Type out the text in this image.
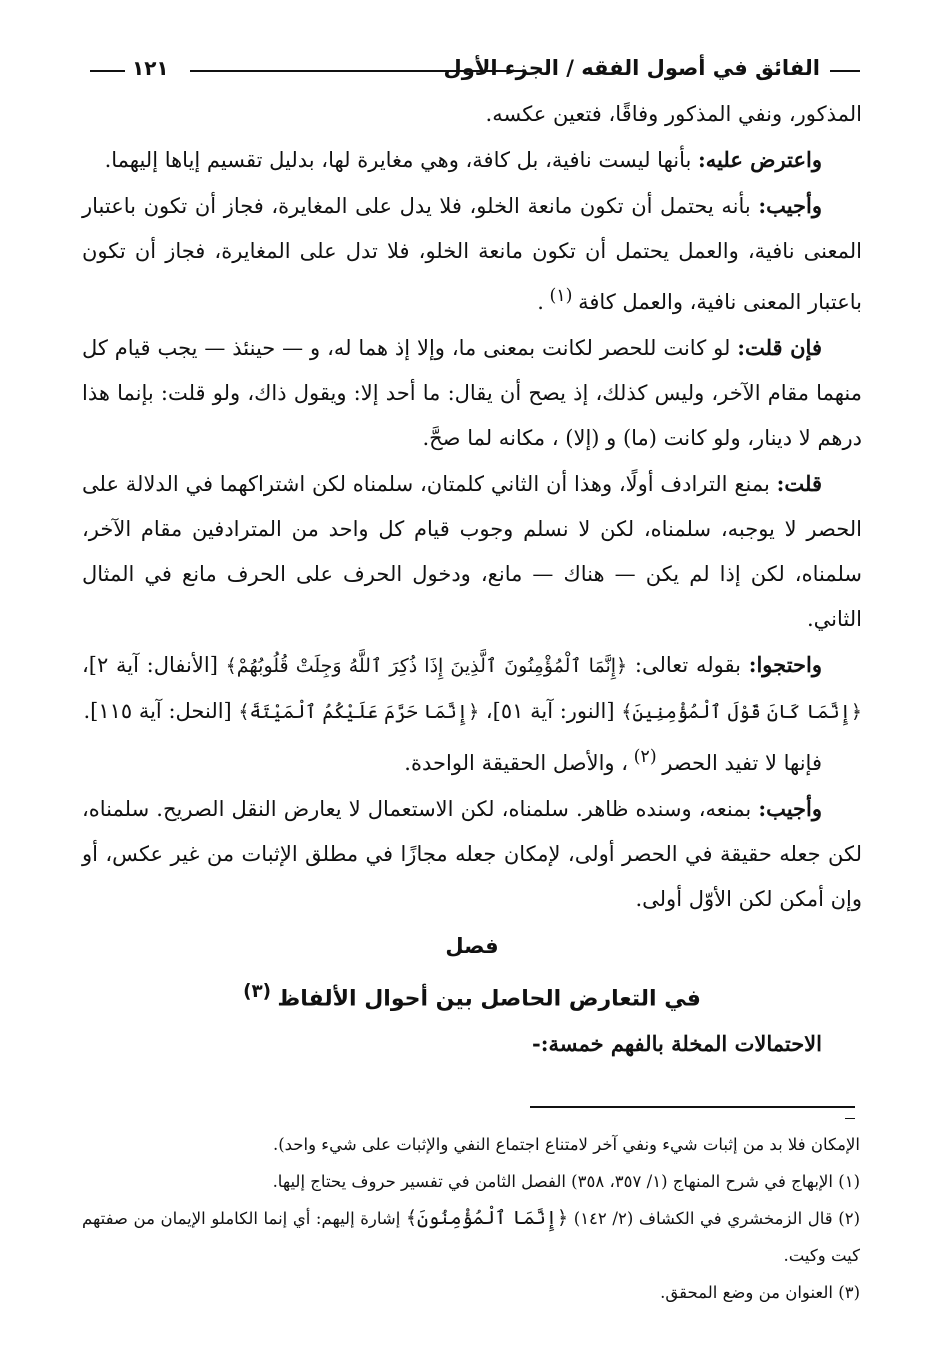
الفائق في أصول الفقه / الجزء الأول
١٢١

المذكور، ونفي المذكور وفاقًا، فتعين عكسه.

واعترض عليه: بأنها ليست نافية، بل كافة، وهي مغايرة لها، بدليل تقسيم إياها إليهما.

وأجيب: بأنه يحتمل أن تكون مانعة الخلو، فلا يدل على المغايرة، فجاز أن تكون باعتبار المعنى نافية، والعمل يحتمل أن تكون مانعة الخلو، فلا تدل على المغايرة، فجاز أن تكون باعتبار المعنى نافية، والعمل كافة $^{(١)}$ .

فإن قلت: لو كانت للحصر لكانت بمعنى ما، وإلا إذ هما له، و — حينئذ — يجب قيام كل منهما مقام الآخر، وليس كذلك، إذ يصح أن يقال: ما أحد إلا: ويقول ذاك، ولو قلت: بإنما هذا درهم لا دينار، ولو كانت (ما) و (إلا) ، مكانه لما صحَّ.

قلت: بمنع الترادف أولًا، وهذا أن الثاني كلمتان، سلمناه لكن اشتراكهما في الدلالة على الحصر لا يوجبه، سلمناه، لكن لا نسلم وجوب قيام كل واحد من المترادفين مقام الآخر، سلمناه، لكن إذا لم يكن — هناك — مانع، ودخول الحرف على الحرف مانع في المثال الثاني.

واحتجوا: بقوله تعالى: ﴿إِنَّمَا ٱلْمُؤْمِنُونَ ٱلَّذِينَ إِذَا ذُكِرَ ٱللَّهُ وَجِلَتْ قُلُوبُهُمْ﴾ [الأنفال: آية ٢]، ﴿إِنَّمَا كَانَ قَوْلَ ٱلْمُؤْمِنِينَ﴾ [النور: آية ٥١]، ﴿إِنَّمَا حَرَّمَ عَلَيْكُمُ ٱلْمَيْتَةَ﴾ [النحل: آية ١١٥].

فإنها لا تفيد الحصر $^{(٢)}$ ، والأصل الحقيقة الواحدة.

وأجيب: بمنعه، وسنده ظاهر. سلمناه، لكن الاستعمال لا يعارض النقل الصريح. سلمناه، لكن جعله حقيقة في الحصر أولى، لإمكان جعله مجازًا في مطلق الإثبات من غير عكس، أو وإن أمكن لكن الأوّل أولى.

فصل

في التعارض الحاصل بين أحوال الألفاظ $^{(٣)}$

الاحتمالات المخلة بالفهم خمسة:-

الإمكان فلا بد من إثبات شيء ونفي آخر لامتناع اجتماع النفي والإثبات على شيء واحد).

(١) الإبهاج في شرح المنهاج (١/ ٣٥٧، ٣٥٨) الفصل الثامن في تفسير حروف يحتاج إليها.

(٢) قال الزمخشري في الكشاف (٢/ ١٤٢) ﴿إِنَّمَا ٱلْمُؤْمِنُونَ﴾ إشارة إليهم: أي إنما الكاملو الإيمان من صفتهم كيت وكيت.

(٣) العنوان من وضع المحقق.
